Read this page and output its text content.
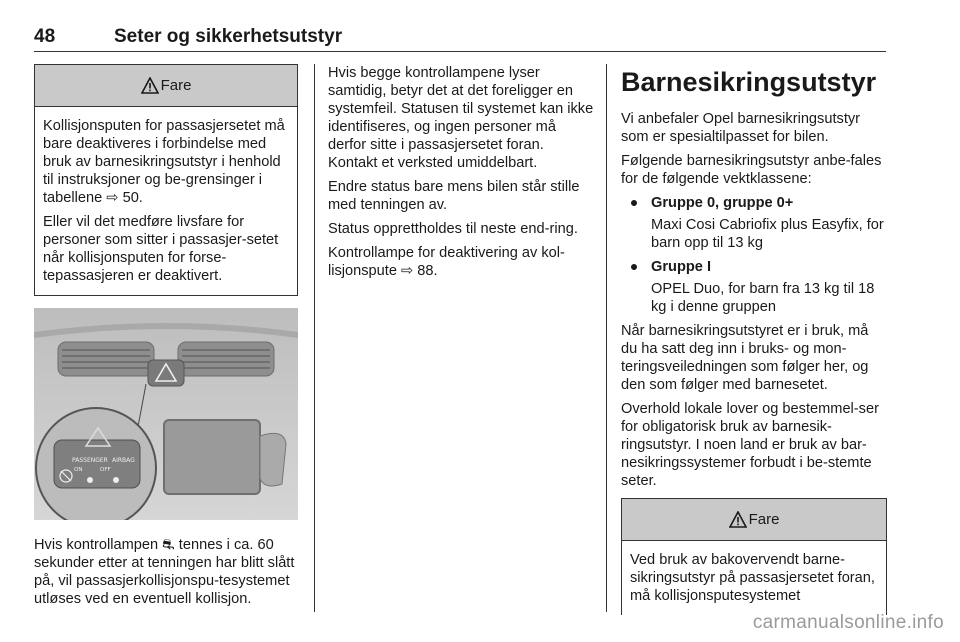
48	Seter og sikkerhetsutstyr
Fare

Kollisjonsputen for passasjersetet må bare deaktiveres i forbindelse med bruk av barnesikringsutstyr i henhold til instruksjoner og be-grensinger i tabellene ⇨ 50.

Eller vil det medføre livsfare for personer som sitter i passasjer-setet når kollisjonsputen for forse-tepassasjeren er deaktivert.

PASSENGER AIRBAG
ON	OFF

Hvis kontrollampen ⛐ tennes i ca. 60 sekunder etter at tenningen har blitt slått på, vil passasjerkollisjonspu-tesystemet utløses ved en eventuell kollisjon.

Hvis begge kontrollampene lyser samtidig, betyr det at det foreligger en systemfeil. Statusen til systemet kan ikke identifiseres, og ingen personer må derfor sitte i passasjersetet foran. Kontakt et verksted umiddelbart.

Endre status bare mens bilen står stille med tenningen av.

Status opprettholdes til neste end-ring.

Kontrollampe for deaktivering av kol-lisjonspute ⇨ 88.

Barnesikringsutstyr

Vi anbefaler Opel barnesikringsutstyr som er spesialtilpasset for bilen.

Følgende barnesikringsutstyr anbe-fales for de følgende vektklassene:

Gruppe 0, gruppe 0+

Maxi Cosi Cabriofix plus Easyfix, for barn opp til 13 kg

Gruppe I

OPEL Duo, for barn fra 13 kg til 18 kg i denne gruppen

Når barnesikringsutstyret er i bruk, må du ha satt deg inn i bruks- og mon-teringsveiledningen som følger her, og den som følger med barnesetet.

Overhold lokale lover og bestemmel-ser for obligatorisk bruk av barnesik-ringsutstyr. I noen land er bruk av bar-nesikringssystemer forbudt i be-stemte seter.

Fare

Ved bruk av bakovervendt barne-sikringsutstyr på passasjersetet foran, må kollisjonsputesystemet

carmanualsonline.info
